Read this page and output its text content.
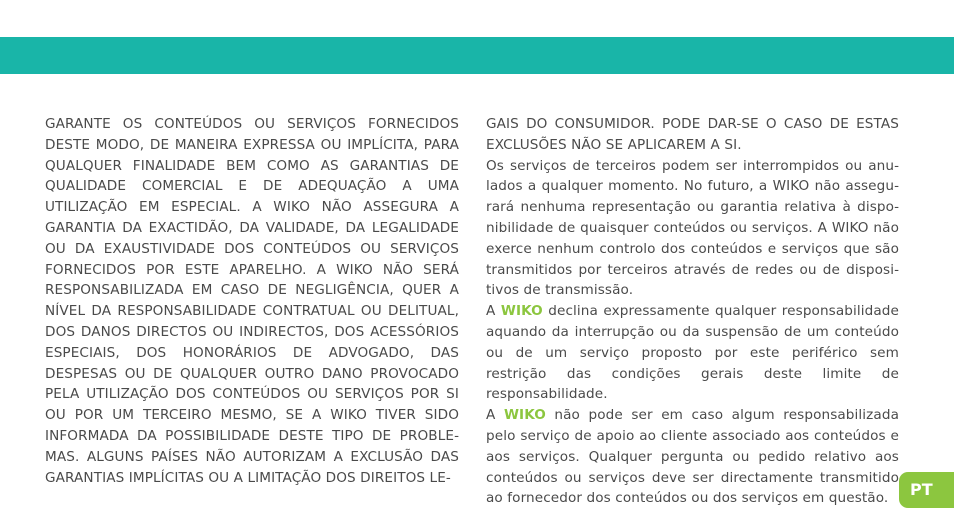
GARANTE OS CONTEÚDOS OU SERVIÇOS FORNECIDOS DESTE MODO, DE MANEIRA EXPRESSA OU IMPLÍCITA, PARA QUALQUER FINALIDADE BEM COMO AS GARANTIAS DE QUALIDADE COMERCIAL E DE ADEQUAÇÃO A UMA UTILIZAÇÃO EM ESPECIAL. A WIKO NÃO ASSEGURA A GARANTIA DA EXACTIDÃO, DA VALIDADE, DA LEGALIDADE OU DA EXAUSTIVIDADE DOS CONTEÚDOS OU SERVIÇOS FORNECIDOS POR ESTE APARELHO. A WIKO NÃO SERÁ RESPONSABILIZADA EM CASO DE NEGLIGÊNCIA, QUER A NÍVEL DA RESPONSABILIDADE CONTRATUAL OU DELITUAL, DOS DANOS DIRECTOS OU INDIRECTOS, DOS ACESSÓRIOS ESPECIAIS, DOS HONORÁRIOS DE ADVOGADO, DAS DESPESAS OU DE QUALQUER OUTRO DANO PROVOCADO PELA UTILIZAÇÃO DOS CONTEÚDOS OU SERVIÇOS POR SI OU POR UM TERCEIRO MESMO, SE A WIKO TIVER SIDO INFORMADA DA POSSIBILIDADE DESTE TIPO DE PROBLEMAS. ALGUNS PAÍSES NÃO AUTORIZAM A EXCLUSÃO DAS GARANTIAS IMPLÍCITAS OU A LIMITAÇÃO DOS DIREITOS LE-

GAIS DO CONSUMIDOR. PODE DAR-SE O CASO DE ESTAS EXCLUSÕES NÃO SE APLICAREM A SI.

Os serviços de terceiros podem ser interrompidos ou anulados a qualquer momento. No futuro, a WIKO não assegurará nenhuma representação ou garantia relativa à disponibilidade de quaisquer conteúdos ou serviços. A WIKO não exerce nenhum controlo dos conteúdos e serviços que são transmitidos por terceiros através de redes ou de dispositivos de transmissão.

A WIKO declina expressamente qualquer responsabilidade aquando da interrupção ou da suspensão de um conteúdo ou de um serviço proposto por este periférico sem restrição das condições gerais deste limite de responsabilidade.

A WIKO não pode ser em caso algum responsabilizada pelo serviço de apoio ao cliente associado aos conteúdos e aos serviços. Qualquer pergunta ou pedido relativo aos conteúdos ou serviços deve ser directamente transmitido ao fornecedor dos conteúdos ou dos serviços em questão.	PT
